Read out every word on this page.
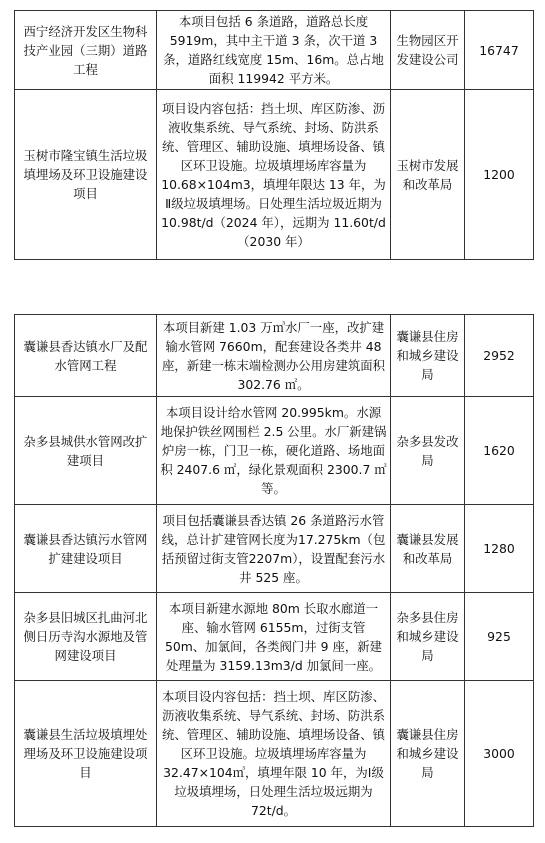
西宁经济开发区生物科技产业园（三期）道路工程	本项目包括 6 条道路，道路总长度5919m，其中主干道 3 条，次干道 3条，道路红线宽度 15m、16m。总占地面积 119942 平方米。	生物园区开发建设公司	16747
玉树市隆宝镇生活垃圾填埋场及环卫设施建设项目	项目设内容包括：挡土坝、库区防渗、沥液收集系统、导气系统、封场、防洪系统、管理区、辅助设施、填埋场设备、镇区环卫设施。垃圾填埋场库容量为 10.68×104m3，填埋年限达 13 年，为Ⅱ级垃圾填埋场。日处理生活垃圾近期为 10.98t/d（2024 年），远期为 11.60t/d（2030 年）	玉树市发展和改革局	1200
囊谦县香达镇水厂及配水管网工程	本项目新建 1.03 万㎥水厂一座，改扩建输水管网 7660m，配套建设各类井 48 座，新建一栋末端检测办公用房建筑面积 302.76 ㎡。	囊谦县住房和城乡建设局	2952
杂多县城供水管网改扩建项目	本项目设计给水管网 20.995km。水源地保护铁丝网围栏 2.5 公里。水厂新建锅炉房一栋，门卫一栋，硬化道路、场地面积 2407.6 ㎡，绿化景观面积 2300.7 ㎡等。	杂多县发改局	1620
囊谦县香达镇污水管网扩建建设项目	项目包括囊谦县香达镇 26 条道路污水管线，总计扩建管网长度为17.275km（包括预留过街支管2207m），设置配套污水井 525 座。	囊谦县发展和改革局	1280
杂多县旧城区扎曲河北侧日历寺沟水源地及管网建设项目	本项目新建水源地 80m 长取水廊道一座、输水管网 6155m，过街支管 50m、加氯间，各类阀门井 9 座，新建处理量为 3159.13m3/d 加氯间一座。	杂多县住房和城乡建设局	925
囊谦县生活垃圾填埋处理场及环卫设施建设项目	本项目设内容包括：挡土坝、库区防渗、沥液收集系统、导气系统、封场、防洪系统、管理区、辅助设施、填埋场设备、镇区环卫设施。垃圾填埋场库容量为 32.47×104㎥，填埋年限 10 年，为Ⅰ级垃圾填埋场，日处理生活垃圾远期为 72t/d。	囊谦县住房和城乡建设局	3000
